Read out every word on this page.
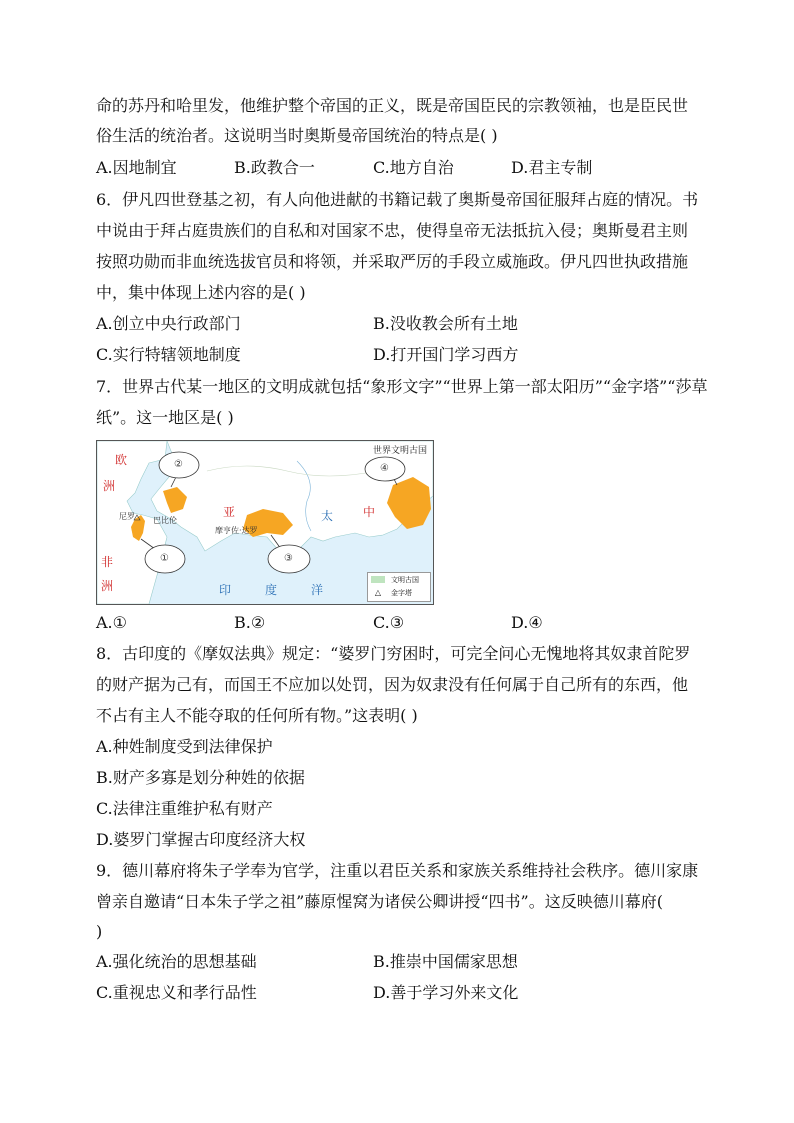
命的苏丹和哈里发，他维护整个帝国的正义，既是帝国臣民的宗教领袖，也是臣民世
俗生活的统治者。这说明当时奥斯曼帝国统治的特点是( )
A.因地制宜	B.政教合一	C.地方自治	D.君主专制
6．伊凡四世登基之初，有人向他进献的书籍记载了奥斯曼帝国征服拜占庭的情况。书
中说由于拜占庭贵族们的自私和对国家不忠，使得皇帝无法抵抗入侵；奥斯曼君主则
按照功勋而非血统选拔官员和将领，并采取严厉的手段立威施政。伊凡四世执政措施
中，集中体现上述内容的是( )
A.创立中央行政部门	B.没收教会所有土地
C.实行特辖领地制度	D.打开国门学习西方
7．世界古代某一地区的文明成就包括“象形文字”“世界上第一部太阳历”“金字塔”“莎草
纸”。这一地区是( )
世界文明古国
欧
洲
非
洲
亚	中
太
印	度	洋
巴比伦
摩亨佐·达罗
尼罗
①
②
③
④
文明古国
△	金字塔
A.①	B.②	C.③	D.④
8．古印度的《摩奴法典》规定：“婆罗门穷困时，可完全问心无愧地将其奴隶首陀罗
的财产据为己有，而国王不应加以处罚，因为奴隶没有任何属于自己所有的东西，他
不占有主人不能夺取的任何所有物。”这表明( )
A.种姓制度受到法律保护
B.财产多寡是划分种姓的依据
C.法律注重维护私有财产
D.婆罗门掌握古印度经济大权
9．德川幕府将朱子学奉为官学，注重以君臣关系和家族关系维持社会秩序。德川家康
曾亲自邀请“日本朱子学之祖”藤原惺窝为诸侯公卿讲授“四书”。这反映德川幕府(
)
A.强化统治的思想基础	B.推崇中国儒家思想
C.重视忠义和孝行品性	D.善于学习外来文化
